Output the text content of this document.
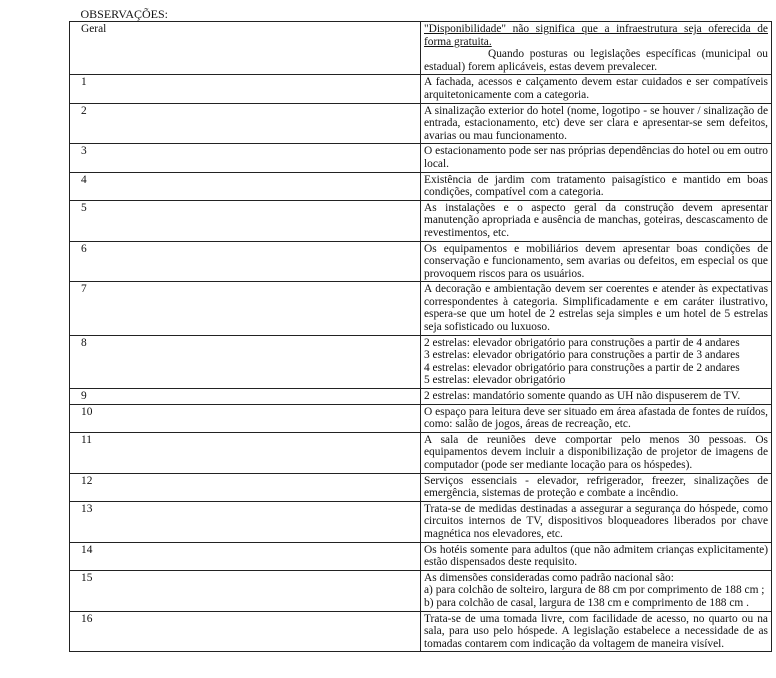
OBSERVAÇÕES:	
Geral	"Disponibilidade" não significa que a infraestrutura seja oferecida de forma gratuita.
Quando posturas ou legislações específicas (municipal ou estadual) forem aplicáveis, estas devem prevalecer.

1	A fachada, acessos e calçamento devem estar cuidados e ser compatíveis arquitetonicamente com a categoria.

2	A sinalização exterior do hotel (nome, logotipo - se houver / sinalização de entrada, estacionamento, etc) deve ser clara e apresentar-se sem defeitos, avarias ou mau funcionamento.

3	O estacionamento pode ser nas próprias dependências do hotel ou em outro local.

4	Existência de jardim com tratamento paisagístico e mantido em boas condições, compatível com a categoria.

5	As instalações e o aspecto geral da construção devem apresentar manutenção apropriada e ausência de manchas, goteiras, descascamento de revestimentos, etc.

6	Os equipamentos e mobiliários devem apresentar boas condições de conservação e funcionamento, sem avarias ou defeitos, em especial os que provoquem riscos para os usuários.

7	A decoração e ambientação devem ser coerentes e atender às expectativas correspondentes à categoria. Simplificadamente e em caráter ilustrativo, espera-se que um hotel de 2 estrelas seja simples e um hotel de 5 estrelas seja sofisticado ou luxuoso.

8	2 estrelas: elevador obrigatório para construções a partir de 4 andares
3 estrelas: elevador obrigatório para construções a partir de 3 andares
4 estrelas: elevador obrigatório para construções a partir de 2 andares
5 estrelas: elevador obrigatório

9	2 estrelas: mandatório somente quando as UH não dispuserem de TV.

10	O espaço para leitura deve ser situado em área afastada de fontes de ruídos, como: salão de jogos, áreas de recreação, etc.

11	A sala de reuniões deve comportar pelo menos 30 pessoas. Os equipamentos devem incluir a disponibilização de projetor de imagens de computador (pode ser mediante locação para os hóspedes).

12	Serviços essenciais - elevador, refrigerador, freezer, sinalizações de emergência, sistemas de proteção e combate a incêndio.

13	Trata-se de medidas destinadas a assegurar a segurança do hóspede, como circuitos internos de TV, dispositivos bloqueadores liberados por chave magnética nos elevadores, etc.

14	Os hotéis somente para adultos (que não admitem crianças explicitamente) estão dispensados deste requisito.

15	As dimensões consideradas como padrão nacional são:
a) para colchão de solteiro, largura de 88 cm por comprimento de 188 cm ;
b) para colchão de casal, largura de 138 cm e comprimento de 188 cm .

16	Trata-se de uma tomada livre, com facilidade de acesso, no quarto ou na sala, para uso pelo hóspede. A legislação estabelece a necessidade de as tomadas contarem com indicação da voltagem de maneira visível.
